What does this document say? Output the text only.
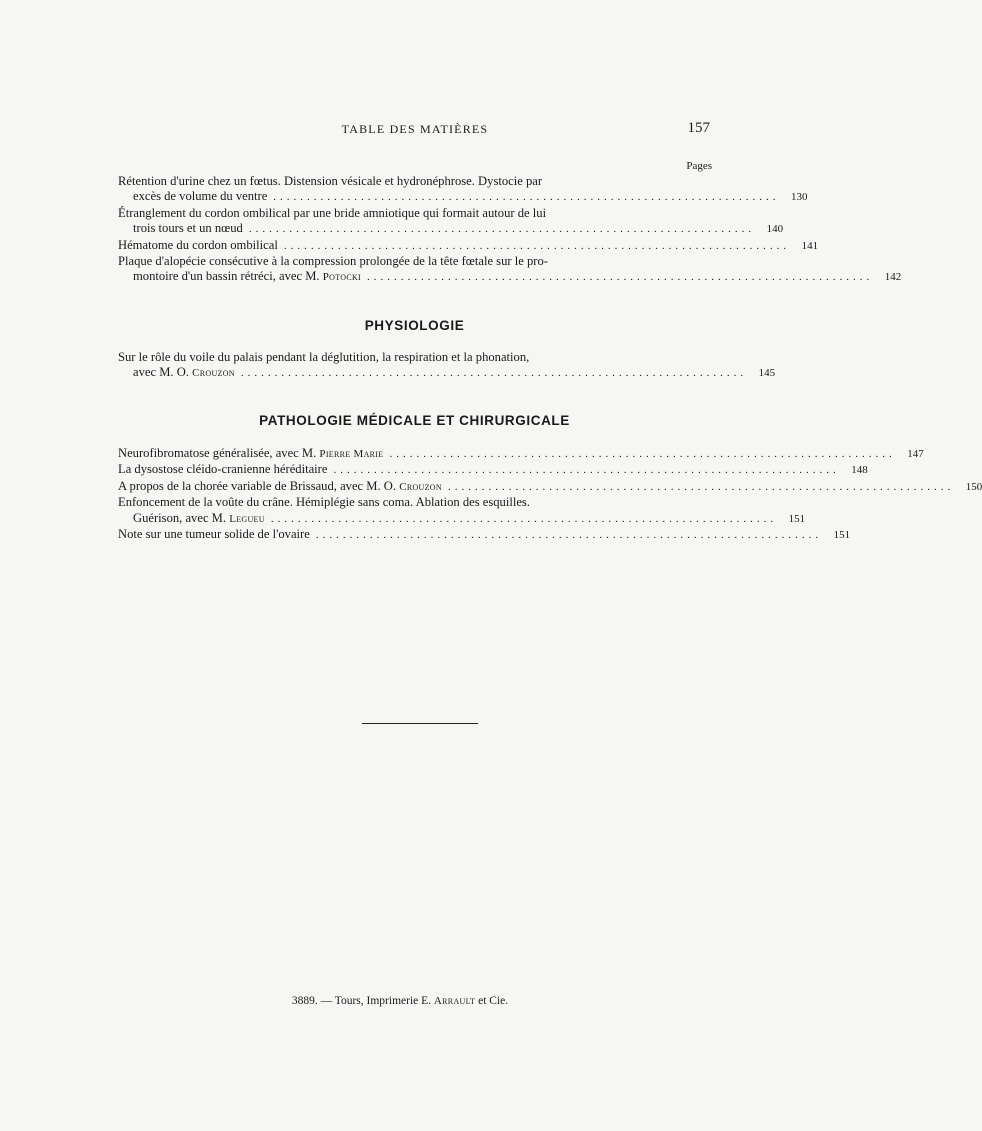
TABLE DES MATIÈRES	157
Pages
Rétention d'urine chez un fœtus. Distension vésicale et hydronéphrose. Dystocie par
excès de volume du ventre ...........................................................................	130
Étranglement du cordon ombilical par une bride amniotique qui formait autour de lui
trois tours et un nœud ...........................................................................	140
Hématome du cordon ombilical ...........................................................................	141
Plaque d'alopécie consécutive à la compression prolongée de la tête fœtale sur le pro-
montoire d'un bassin rétréci, avec M. Potocki ...........................................................................	142
PHYSIOLOGIE
Sur le rôle du voile du palais pendant la déglutition, la respiration et la phonation,
avec M. O. Crouzon ...........................................................................	145
PATHOLOGIE MÉDICALE ET CHIRURGICALE
Neurofibromatose généralisée, avec M. Pierre Marie ...........................................................................	147
La dysostose cléido-cranienne héréditaire ...........................................................................	148
A propos de la chorée variable de Brissaud, avec M. O. Crouzon ...........................................................................	150
Enfoncement de la voûte du crâne. Hémiplégie sans coma. Ablation des esquilles.
Guérison, avec M. Legueu ...........................................................................	151
Note sur une tumeur solide de l'ovaire ...........................................................................	151
3889. — Tours, Imprimerie E. Arrault et Cie.
